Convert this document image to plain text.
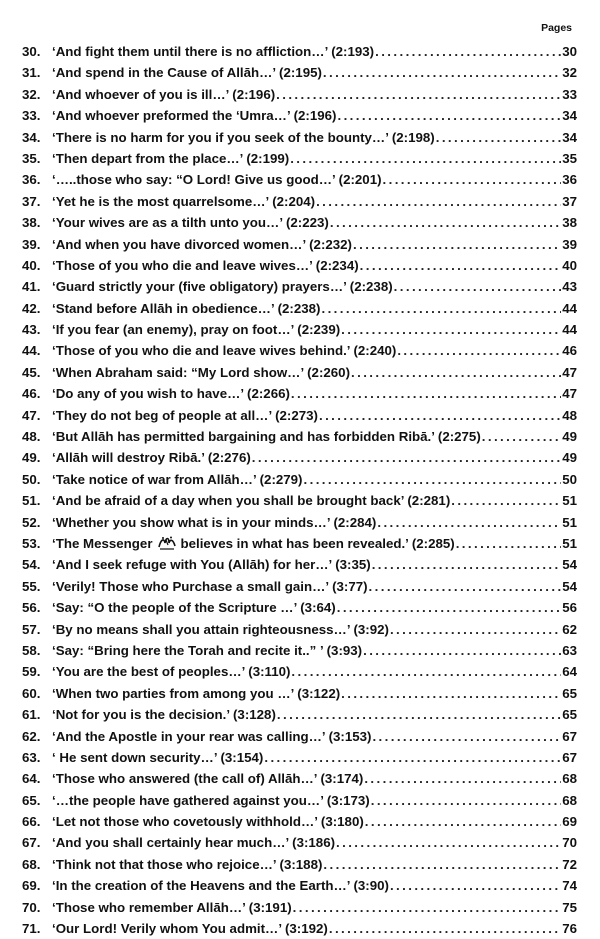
Pages
30. ‘And fight them until there is no affliction…’ (2:193) .....	30
31. ‘And spend in the Cause of Allāh…’ (2:195) .....	32
32. ‘And whoever of you is ill…’ (2:196) .....	33
33. ‘And whoever preformed the ‘Umra…’ (2:196) .....	34
34. ‘There is no harm for you if you seek of the bounty…’ (2:198) .....	34
35. ‘Then depart from the place…’ (2:199) .....	35
36. ‘…..those who say: “O Lord! Give us good…’ (2:201) .....	36
37. ‘Yet he is the most quarrelsome…’ (2:204) .....	37
38. ‘Your wives are as a tilth unto you…’ (2:223) .....	38
39. ‘And when you have divorced women…’ (2:232) .....	39
40. ‘Those of you who die and leave wives…’ (2:234) .....	40
41. ‘Guard strictly your (five obligatory) prayers…’ (2:238) .....	43
42. ‘Stand before Allāh in obedience…’ (2:238) .....	44
43. ‘If you fear (an enemy), pray on foot…’ (2:239) .....	44
44. ‘Those of you who die and leave wives behind.’ (2:240) .....	46
45. ‘When Abraham said: “My Lord show…’ (2:260) .....	47
46. ‘Do any of you wish to have…’ (2:266) .....	47
47. ‘They do not beg of people at all…’ (2:273) .....	48
48. ‘But Allāh has permitted bargaining and has forbidden Ribā.’ (2:275) .....	49
49. ‘Allāh will destroy Ribā.’ (2:276) .....	49
50. ‘Take notice of war from Allāh…’ (2:279) .....	50
51. ‘And be afraid of a day when you shall be brought back’ (2:281) .....	51
52. ‘Whether you show what is in your minds…’ (2:284) .....	51
53. ‘The Messenger believes in what has been revealed.’ (2:285) .....	51
54. ‘And I seek refuge with You (Allāh) for her…’ (3:35) .....	54
55. ‘Verily! Those who Purchase a small gain…’ (3:77) .....	54
56. ‘Say: “O the people of the Scripture …’ (3:64) .....	56
57. ‘By no means shall you attain righteousness…’ (3:92) .....	62
58. ‘Say: “Bring here the Torah and recite it..” ’ (3:93) .....	63
59. ‘You are the best of peoples…’ (3:110) .....	64
60. ‘When two parties from among you …’ (3:122) .....	65
61. ‘Not for you is the decision.’ (3:128) .....	65
62. ‘And the Apostle in your rear was calling…’ (3:153) .....	67
63. ‘ He sent down security…’ (3:154) .....	67
64. ‘Those who answered (the call of) Allāh…’ (3:174) .....	68
65. ‘…the people have gathered against you…’ (3:173) .....	68
66. ‘Let not those who covetously withhold…’ (3:180) .....	69
67. ‘And you shall certainly hear much…’ (3:186) .....	70
68. ‘Think not that those who rejoice…’ (3:188) .....	72
69. ‘In the creation of the Heavens and the Earth…’ (3:90) .....	74
70. ‘Those who remember Allāh…’ (3:191) .....	75
71. ‘Our Lord! Verily whom You admit…’ (3:192) .....	76
